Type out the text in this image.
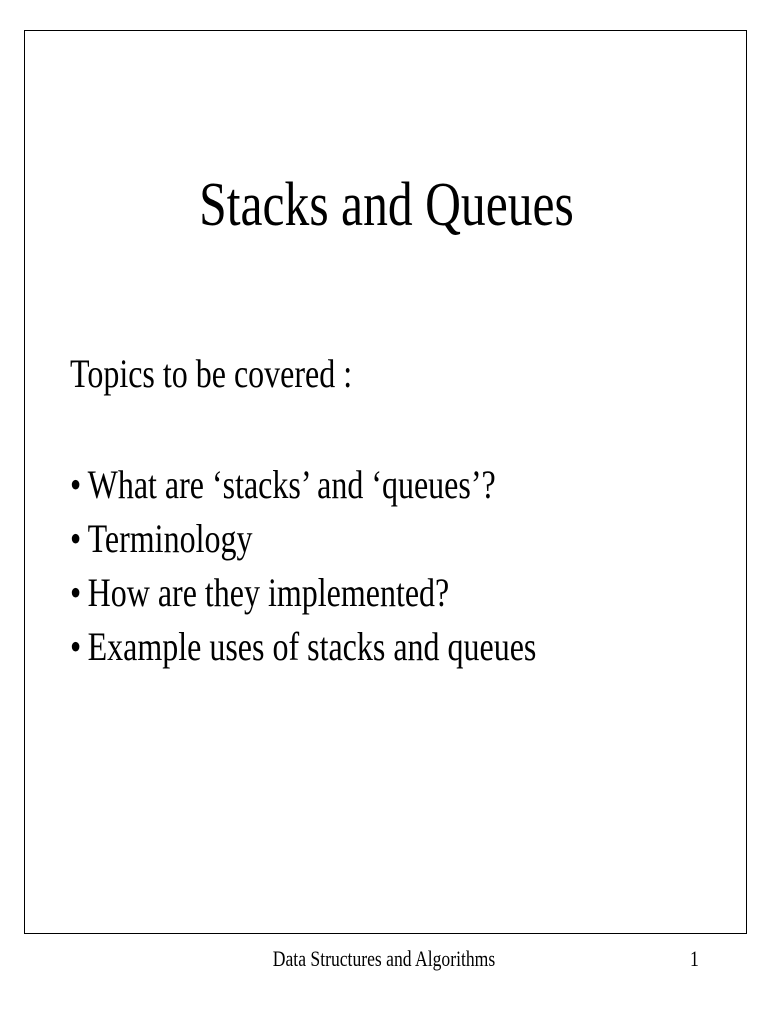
Stacks and Queues
Topics to be covered :
• What are ‘stacks’ and ‘queues’?
• Terminology
• How are they implemented?
• Example uses of stacks and queues
Data Structures and Algorithms	1
